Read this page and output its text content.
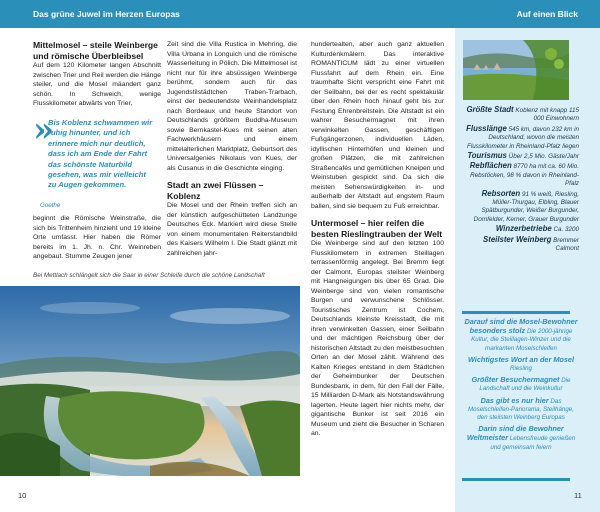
Das grüne Juwel im Herzen Europas	Auf einen Blick
Mittelmosel – steile Weinberge und römische Überbleibsel

Auf dem 120 Kilometer langen Abschnitt zwischen Trier und Reil werden die Hänge steiler, und die Mosel mäandert ganz schön. In Schweich, wenige Flusskilometer abwärts von Trier,

»
Bis Koblenz schwammen wir ruhig hinunter, und ich erinnere mich nur deutlich, dass ich am Ende der Fahrt das schönste Naturbild gesehen, was mir vielleicht zu Augen gekommen.
Goethe

beginnt die Römische Weinstraße, die sich bis Trittenheim hinzieht und 19 kleine Orte umfasst. Hier haben die Römer bereits im 1. Jh. n. Chr. Weinreben angebaut. Stumme Zeugen jener

Zeit sind die Villa Rustica in Mehring, die Villa Urbana in Longuich und die römische Wasserleitung in Pölich. Die Mittelmosel ist nicht nur für ihre absüssigen Weinberge berühmt, sondern auch für das Jugendstilstädtchen Traben-Trarbach, einst der bedeutendste Weinhandelsplatz nach Bordeaux und heute Standort von Deutschlands größtem Buddha-Museum sowie Bernkastel-Kues mit seinen alten Fachwerkhäusern und einem mittelalterlichen Marktplatz, Geburtsort des Universalgenies Nikolaus von Kues, der als Cusanus in die Geschichte einging.

Stadt an zwei Flüssen – Koblenz

Die Mosel und der Rhein treffen sich an der künstlich aufgeschütteten Landzunge Deutsches Eck. Markiert wird diese Stelle von einem monumentalen Reiterstandbild des Kaisers Wilhelm I. Die Stadt glänzt mit zahlreichen jahr-

hundertealten, aber auch ganz aktuellen Kulturdenkmälern. Das interaktive ROMANTICUM lädt zu einer virtuellen Flussfahrt auf dem Rhein ein. Eine traumhafte Sicht verspricht eine Fahrt mit der Seilbahn, bei der es recht spektakulär über den Rhein hoch hinauf geht bis zur Festung Ehrenbreitstein. Die Altstadt ist ein wahrer Besuchermagnet mit ihren verwinkelten Gassen, geschäftigen Fußgängerzonen, individuellen Läden, idyllischen Hinterhöfen und kleinen und großen Plätzen, die mit zahlreichen Straßencafés und gemütlichen Kneipen und Weinstuben gespickt sind. Da sich die meisten Sehenswürdigkeiten in- und außerhalb der Altstadt auf engstem Raum ballen, sind sie bequem zu Fuß erreichbar.

Untermosel – hier reifen die besten Rieslingtrauben der Welt

Die Weinberge sind auf den letzten 100 Flusskilometern in extremen Steillagen terrassenförmig angelegt. Bei Bremm liegt der Calmont, Europas steilster Weinberg mit Hangneigungen bis über 65 Grad. Die Weinberge sind von vielen romantische Burgen und verwunschene Schlösser. Touristisches Zentrum ist Cochem, Deutschlands kleinste Kreisstadt, die mit ihren verwinkelten Gassen, einer Seilbahn und der mächtigen Reichsburg über der historischen Altstadt zu den meistbesuchten Orten an der Mosel zählt. Während des Kalten Krieges entstand in dem Städtchen der Geheimbunker der Deutschen Bundesbank, in dem, für den Fall der Fälle, 15 Milliarden D-Mark als Notstandswährung lagerten. Heute lagert hier nichts mehr, der gigantische Bunker ist seit 2016 ein Museum und zieht die Besucher in Scharen an.

Bei Mettlach schlängelt sich die Saar in einer Schleife durch die schöne Landschaft
10	11
Größte Stadt Koblenz mit knapp 115 000 Einwohnern
Flusslänge 545 km, davon 232 km in Deutschland, wovon die meisten Flusskilometer in Rheinland-Pfalz liegen
Tourismus Über 2,5 Mio. Gäste/Jahr
Rebflächen 8770 ha mit ca. 60 Mio. Rebstöcken, 98 % davon in Rheinland-Pfalz
Rebsorten 91 % weiß, Riesling, Müller-Thurgau, Elbling, Blauer Spätburgunder, Weißer Burgunder, Dornfelder, Kerner, Grauer Burgunder
Winzerbetriebe Ca. 3200
Steilster Weinberg Bremmer Calmont
Darauf sind die Mosel-Bewohner besonders stolz Die 2000-jährige Kultur, die Steillagen-Winzer und die markanten Moselschleifen
Wichtigstes Wort an der Mosel Riesling
Größter Besuchermagnet Die Landschaft und die Weinkultur
Das gibt es nur hier Das Moselschleifen-Panorama, Steilhänge, den steilsten Weinberg Europas
Darin sind die Bewohner Weltmeister Lebensfreude genießen und gemeinsam feiern
